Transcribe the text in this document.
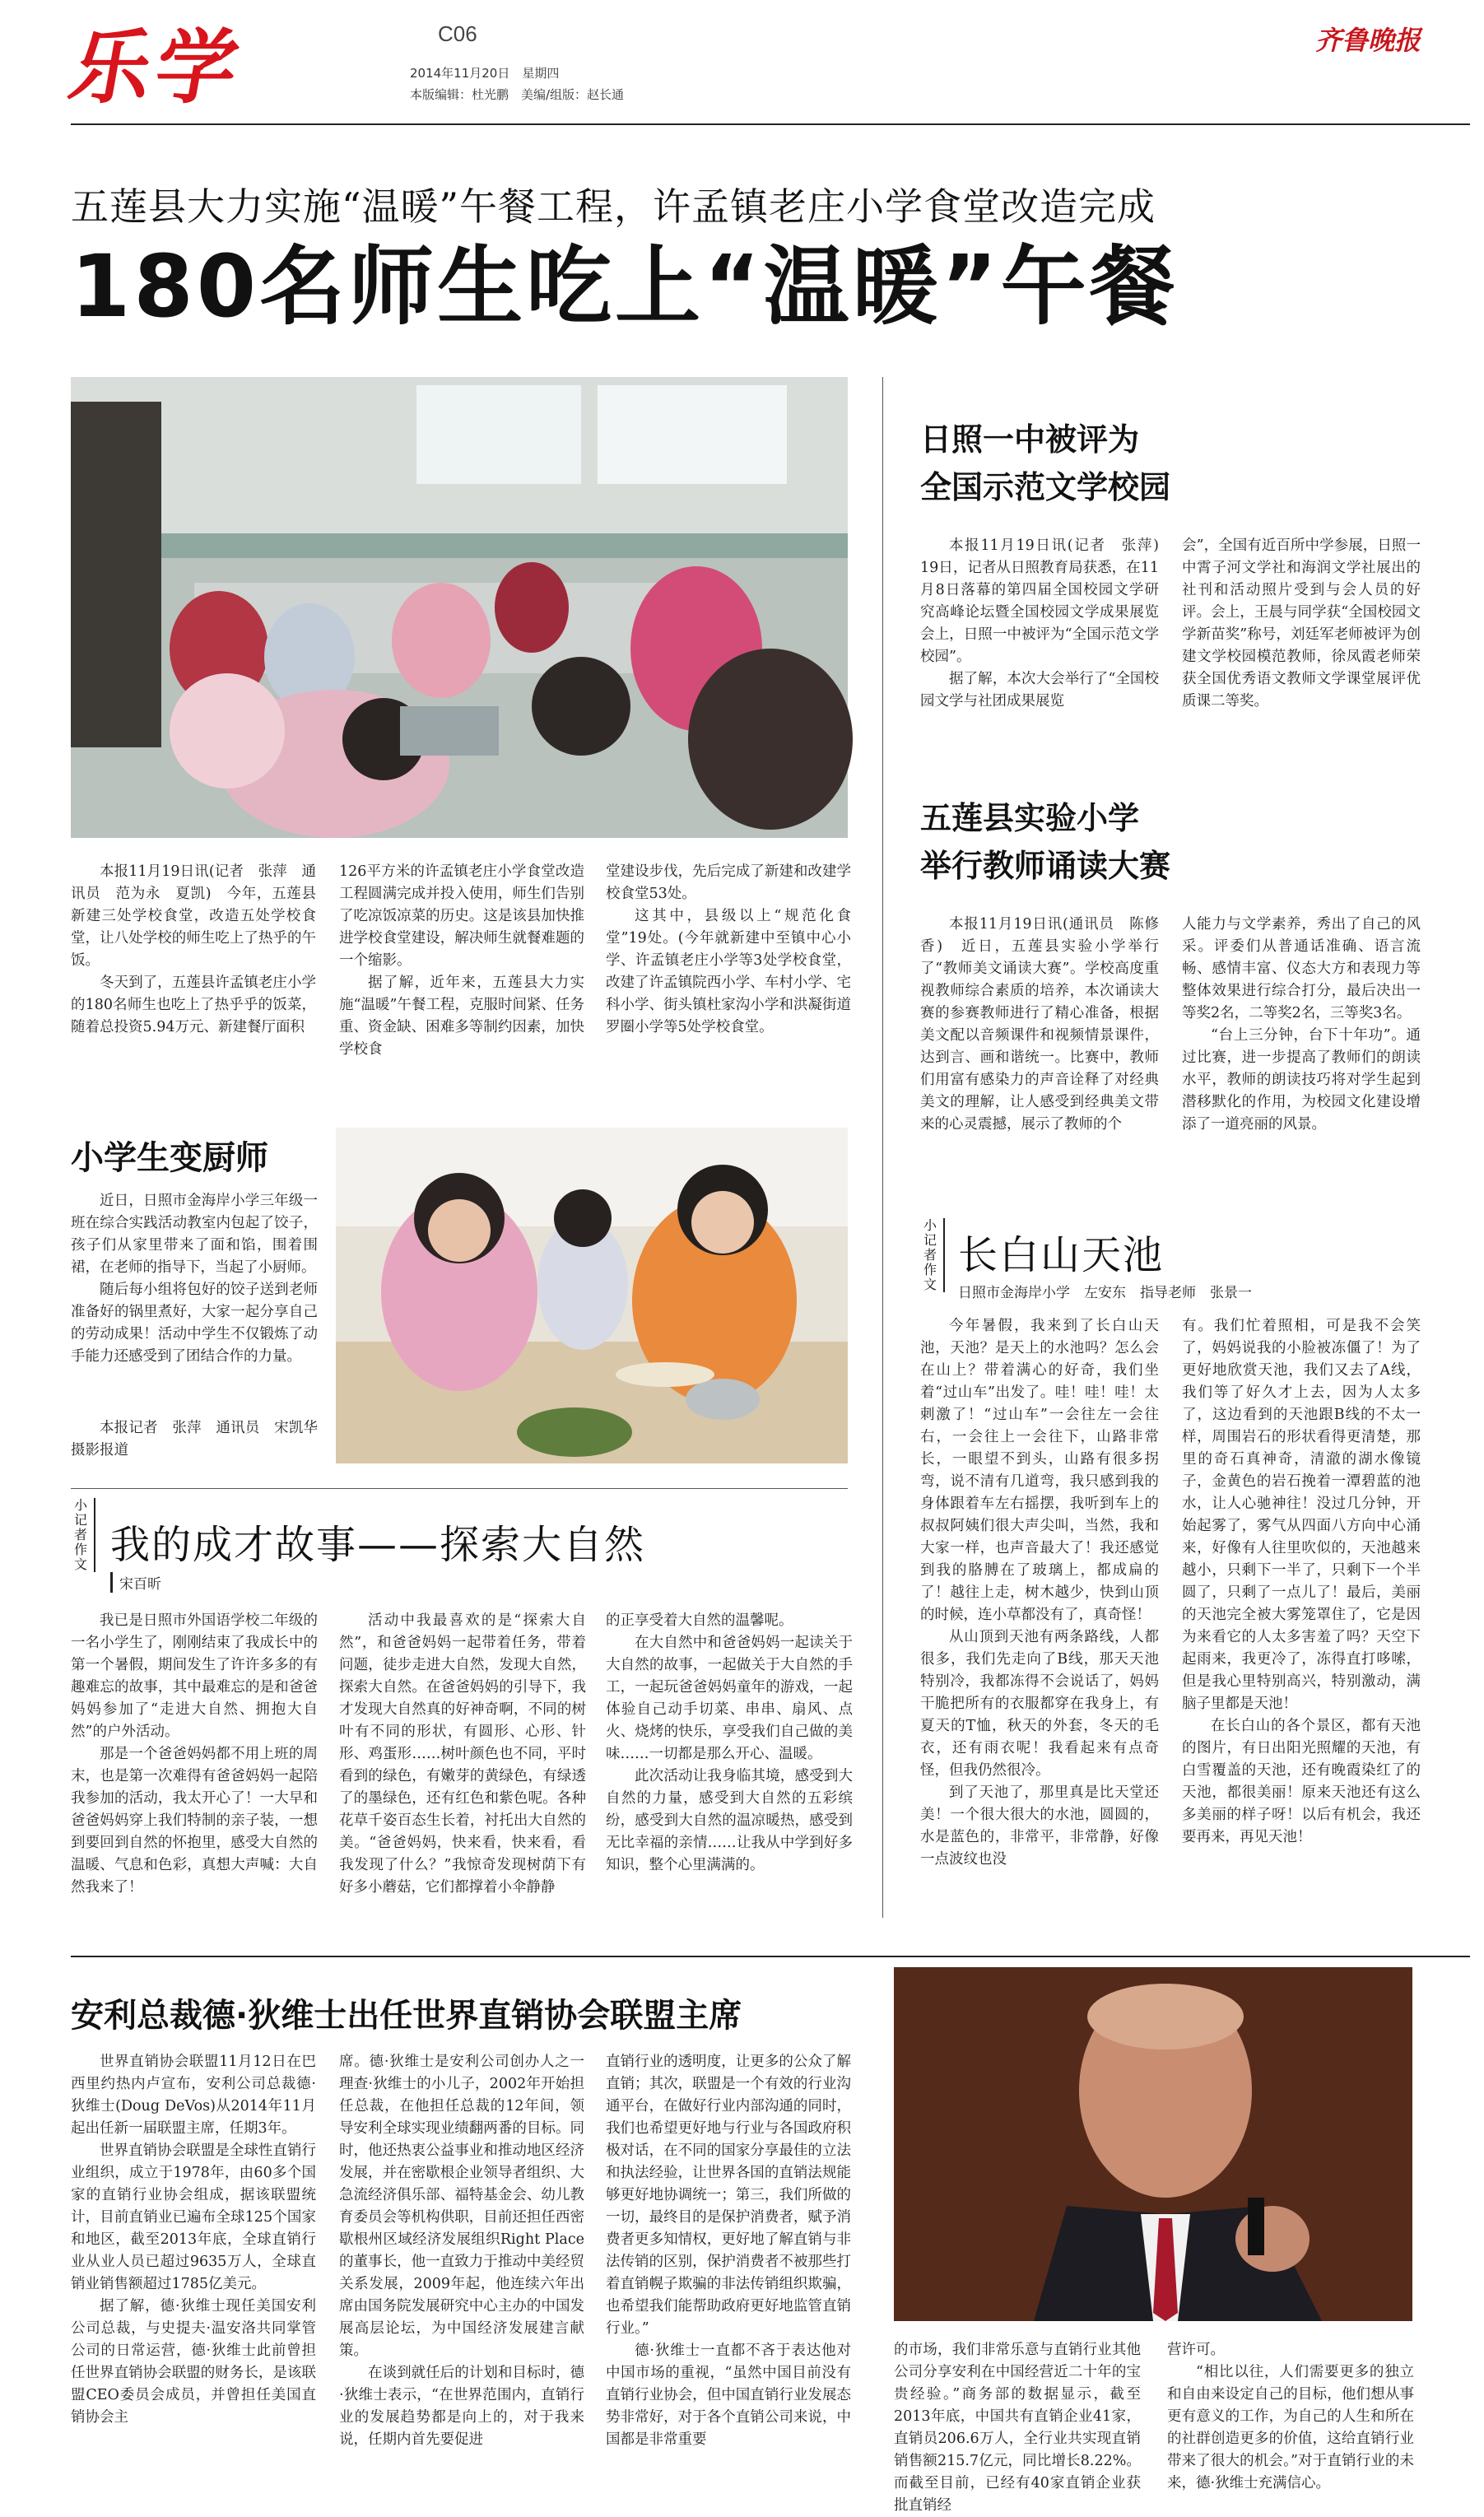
乐学	C06
2014年11月20日　星期四
本版编辑：杜光鹏　美编/组版：赵长通
齐鲁晚报
五莲县大力实施“温暖”午餐工程，许孟镇老庄小学食堂改造完成
180名师生吃上“温暖”午餐

本报11月19日讯(记者　张萍　通讯员　范为永　夏凯)　今年，五莲县新建三处学校食堂，改造五处学校食堂，让八处学校的师生吃上了热乎的午饭。

冬天到了，五莲县许孟镇老庄小学的180名师生也吃上了热乎乎的饭菜，随着总投资5.94万元、新建餐厅面积

126平方米的许孟镇老庄小学食堂改造工程圆满完成并投入使用，师生们告别了吃凉饭凉菜的历史。这是该县加快推进学校食堂建设，解决师生就餐难题的一个缩影。

据了解，近年来，五莲县大力实施“温暖”午餐工程，克服时间紧、任务重、资金缺、困难多等制约因素，加快学校食

堂建设步伐，先后完成了新建和改建学校食堂53处。

这其中，县级以上“规范化食堂”19处。(今年就新建中至镇中心小学、许孟镇老庄小学等3处学校食堂，改建了许孟镇院西小学、车村小学、宅科小学、街头镇杜家沟小学和洪凝街道罗圈小学等5处学校食堂。

日照一中被评为
全国示范文学校园

本报11月19日讯(记者　张萍)　19日，记者从日照教育局获悉，在11月8日落幕的第四届全国校园文学研究高峰论坛暨全国校园文学成果展览会上，日照一中被评为“全国示范文学校园”。

据了解，本次大会举行了“全国校园文学与社团成果展览

会”，全国有近百所中学参展，日照一中霄子河文学社和海润文学社展出的社刊和活动照片受到与会人员的好评。会上，王晨与同学获“全国校园文学新苗奖”称号，刘廷军老师被评为创建文学校园模范教师，徐凤霞老师荣获全国优秀语文教师文学课堂展评优质课二等奖。

五莲县实验小学
举行教师诵读大赛

本报11月19日讯(通讯员　陈修香)　近日，五莲县实验小学举行了“教师美文诵读大赛”。学校高度重视教师综合素质的培养，本次诵读大赛的参赛教师进行了精心准备，根据美文配以音频课件和视频情景课件，达到言、画和谐统一。比赛中，教师们用富有感染力的声音诠释了对经典美文的理解，让人感受到经典美文带来的心灵震撼，展示了教师的个

人能力与文学素养，秀出了自己的风采。评委们从普通话准确、语言流畅、感情丰富、仪态大方和表现力等整体效果进行综合打分，最后决出一等奖2名，二等奖2名，三等奖3名。

“台上三分钟，台下十年功”。通过比赛，进一步提高了教师们的朗读水平，教师的朗读技巧将对学生起到潜移默化的作用，为校园文化建设增添了一道亮丽的风景。

小学生变厨师

近日，日照市金海岸小学三年级一班在综合实践活动教室内包起了饺子，孩子们从家里带来了面和馅，围着围裙，在老师的指导下，当起了小厨师。

随后每小组将包好的饺子送到老师准备好的锅里煮好，大家一起分享自己的劳动成果！活动中学生不仅锻炼了动手能力还感受到了团结合作的力量。

本报记者　张萍　通讯员　宋凯华　摄影报道

小记者作文
长白山天池
日照市金海岸小学　左安东　指导老师　张景一

今年暑假，我来到了长白山天池，天池？是天上的水池吗？怎么会在山上？带着满心的好奇，我们坐着“过山车”出发了。哇！哇！哇！太刺激了！“过山车”一会往左一会往右，一会往上一会往下，山路非常长，一眼望不到头，山路有很多拐弯，说不清有几道弯，我只感到我的身体跟着车左右摇摆，我听到车上的叔叔阿姨们很大声尖叫，当然，我和大家一样，也声音最大了！我还感觉到我的胳膊在了玻璃上，都成扁的了！越往上走，树木越少，快到山顶的时候，连小草都没有了，真奇怪！

从山顶到天池有两条路线，人都很多，我们先走向了B线，那天天池特别冷，我都冻得不会说话了，妈妈干脆把所有的衣服都穿在我身上，有夏天的T恤，秋天的外套，冬天的毛衣，还有雨衣呢！我看起来有点奇怪，但我仍然很冷。

到了天池了，那里真是比天堂还美！一个很大很大的水池，圆圆的，水是蓝色的，非常平，非常静，好像一点波纹也没

有。我们忙着照相，可是我不会笑了，妈妈说我的小脸被冻僵了！为了更好地欣赏天池，我们又去了A线，我们等了好久才上去，因为人太多了，这边看到的天池跟B线的不太一样，周围岩石的形状看得更清楚，那里的奇石真神奇，清澈的湖水像镜子，金黄色的岩石挽着一潭碧蓝的池水，让人心驰神往！没过几分钟，开始起雾了，雾气从四面八方向中心涌来，好像有人往里吹似的，天池越来越小，只剩下一半了，只剩下一个半圆了，只剩了一点儿了！最后，美丽的天池完全被大雾笼罩住了，它是因为来看它的人太多害羞了吗？天空下起雨来，我更冷了，冻得直打哆嗦，但是我心里特别高兴，特别激动，满脑子里都是天池！

在长白山的各个景区，都有天池的图片，有日出阳光照耀的天池，有白雪覆盖的天池，还有晚霞染红了的天池，都很美丽！原来天池还有这么多美丽的样子呀！以后有机会，我还要再来，再见天池！

小记者作文 我的成才故事——探索大自然
宋百昕

我已是日照市外国语学校二年级的一名小学生了，刚刚结束了我成长中的第一个暑假，期间发生了许许多多的有趣难忘的故事，其中最难忘的是和爸爸妈妈参加了“走进大自然、拥抱大自然”的户外活动。

那是一个爸爸妈妈都不用上班的周末，也是第一次难得有爸爸妈妈一起陪我参加的活动，我太开心了！一大早和爸爸妈妈穿上我们特制的亲子装，一想到要回到自然的怀抱里，感受大自然的温暖、气息和色彩，真想大声喊：大自然我来了！

活动中我最喜欢的是“探索大自然”，和爸爸妈妈一起带着任务，带着问题，徒步走进大自然，发现大自然，探索大自然。在爸爸妈妈的引导下，我才发现大自然真的好神奇啊，不同的树叶有不同的形状，有圆形、心形、针形、鸡蛋形……树叶颜色也不同，平时看到的绿色，有嫩芽的黄绿色，有绿透了的墨绿色，还有红色和紫色呢。各种花草千姿百态生长着，衬托出大自然的美。“爸爸妈妈，快来看，快来看，看我发现了什么？”我惊奇发现树荫下有好多小蘑菇，它们都撑着小伞静静

的正享受着大自然的温馨呢。

在大自然中和爸爸妈妈一起读关于大自然的故事，一起做关于大自然的手工，一起玩爸爸妈妈童年的游戏，一起体验自己动手切菜、串串、扇风、点火、烧烤的快乐，享受我们自己做的美味……一切都是那么开心、温暖。

此次活动让我身临其境，感受到大自然的力量，感受到大自然的五彩缤纷，感受到大自然的温凉暖热，感受到无比幸福的亲情……让我从中学到好多知识，整个心里满满的。

安利总裁德·狄维士出任世界直销协会联盟主席

世界直销协会联盟11月12日在巴西里约热内卢宣布，安利公司总裁德·狄维士(Doug DeVos)从2014年11月起出任新一届联盟主席，任期3年。

世界直销协会联盟是全球性直销行业组织，成立于1978年，由60多个国家的直销行业协会组成，据该联盟统计，目前直销业已遍布全球125个国家和地区，截至2013年底，全球直销行业从业人员已超过9635万人，全球直销业销售额超过1785亿美元。

据了解，德·狄维士现任美国安利公司总裁，与史提夫·温安洛共同掌管公司的日常运营，德·狄维士此前曾担任世界直销协会联盟的财务长，是该联盟CEO委员会成员，并曾担任美国直销协会主

席。德·狄维士是安利公司创办人之一理查·狄维士的小儿子，2002年开始担任总裁，在他担任总裁的12年间，领导安利全球实现业绩翻两番的目标。同时，他还热衷公益事业和推动地区经济发展，并在密歇根企业领导者组织、大急流经济俱乐部、福特基金会、幼儿教育委员会等机构供职，目前还担任西密歇根州区域经济发展组织Right Place的董事长，他一直致力于推动中美经贸关系发展，2009年起，他连续六年出席由国务院发展研究中心主办的中国发展高层论坛，为中国经济发展建言献策。

在谈到就任后的计划和目标时，德·狄维士表示，“在世界范围内，直销行业的发展趋势都是向上的，对于我来说，任期内首先要促进

直销行业的透明度，让更多的公众了解直销；其次，联盟是一个有效的行业沟通平台，在做好行业内部沟通的同时，我们也希望更好地与行业与各国政府积极对话，在不同的国家分享最佳的立法和执法经验，让世界各国的直销法规能够更好地协调统一；第三，我们所做的一切，最终目的是保护消费者，赋予消费者更多知情权，更好地了解直销与非法传销的区别，保护消费者不被那些打着直销幌子欺骗的非法传销组织欺骗，也希望我们能帮助政府更好地监管直销行业。”

德·狄维士一直都不吝于表达他对中国市场的重视，“虽然中国目前没有直销行业协会，但中国直销行业发展态势非常好，对于各个直销公司来说，中国都是非常重要

的市场，我们非常乐意与直销行业其他公司分享安利在中国经营近二十年的宝贵经验。”商务部的数据显示，截至2013年底，中国共有直销企业41家，直销员206.6万人，全行业共实现直销销售额215.7亿元，同比增长8.22%。而截至目前，已经有40家直销企业获批直销经

营许可。

“相比以往，人们需要更多的独立和自由来设定自己的目标，他们想从事更有意义的工作，为自己的人生和所在的社群创造更多的价值，这给直销行业带来了很大的机会。”对于直销行业的未来，德·狄维士充满信心。
